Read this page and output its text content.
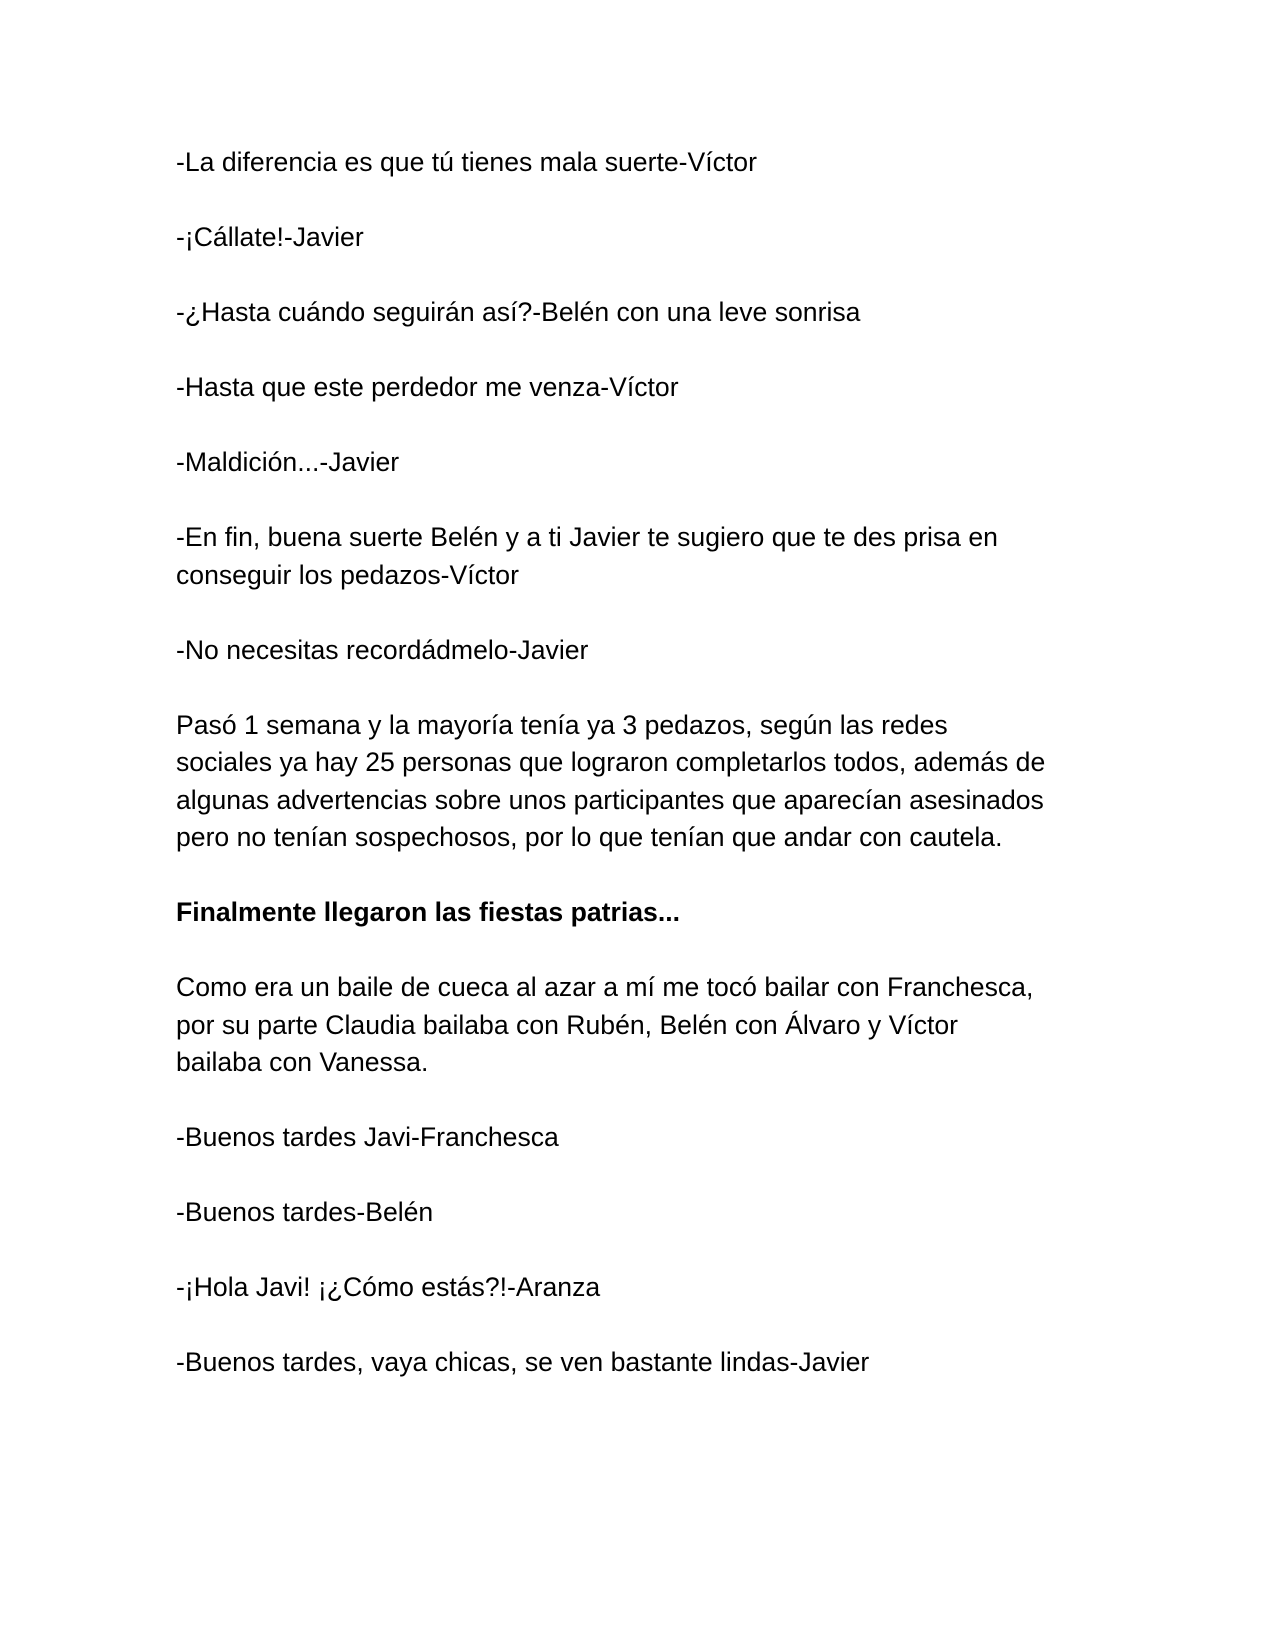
-La diferencia es que tú tienes mala suerte-Víctor

-¡Cállate!-Javier

-¿Hasta cuándo seguirán así?-Belén con una leve sonrisa

-Hasta que este perdedor me venza-Víctor

-Maldición...-Javier

-En fin, buena suerte Belén y a ti Javier te sugiero que te des prisa en
conseguir los pedazos-Víctor

-No necesitas recordádmelo-Javier

Pasó 1 semana y la mayoría tenía ya 3 pedazos, según las redes
sociales ya hay 25 personas que lograron completarlos todos, además de
algunas advertencias sobre unos participantes que aparecían asesinados
pero no tenían sospechosos, por lo que tenían que andar con cautela.

Finalmente llegaron las fiestas patrias...

Como era un baile de cueca al azar a mí me tocó bailar con Franchesca,
por su parte Claudia bailaba con Rubén, Belén con Álvaro y Víctor
bailaba con Vanessa.

-Buenos tardes Javi-Franchesca

-Buenos tardes-Belén

-¡Hola Javi! ¡¿Cómo estás?!-Aranza

-Buenos tardes, vaya chicas, se ven bastante lindas-Javier
